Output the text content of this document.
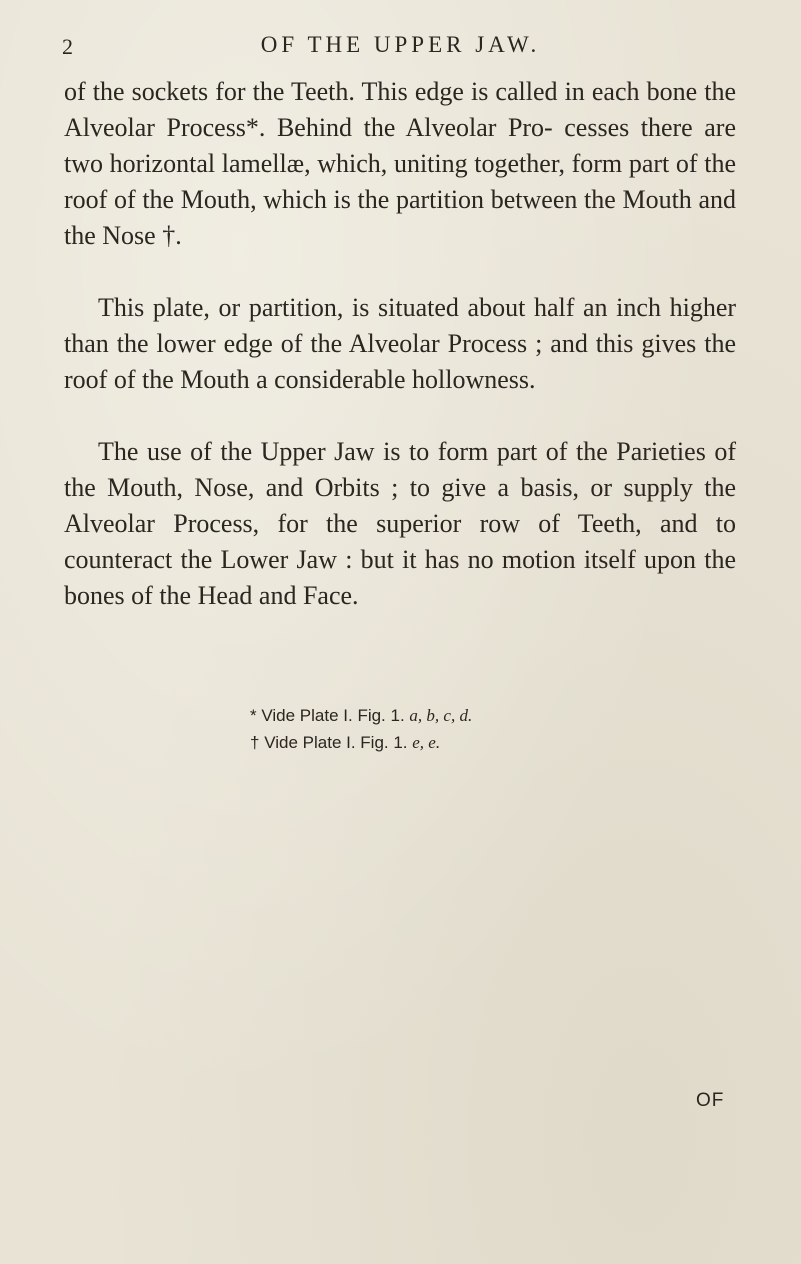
2	OF THE UPPER JAW.

of the sockets for the Teeth. This edge is called in each bone the Alveolar Process*. Behind the Alveolar Pro- cesses there are two horizontal lamellæ, which, uniting together, form part of the roof of the Mouth, which is the partition between the Mouth and the Nose †.

This plate, or partition, is situated about half an inch higher than the lower edge of the Alveolar Process ; and this gives the roof of the Mouth a considerable hollowness.

The use of the Upper Jaw is to form part of the Parieties of the Mouth, Nose, and Orbits ; to give a basis, or supply the Alveolar Process, for the superior row of Teeth, and to counteract the Lower Jaw : but it has no motion itself upon the bones of the Head and Face.

* Vide Plate I. Fig. 1. a, b, c, d.
† Vide Plate I. Fig. 1. e, e.
OF
